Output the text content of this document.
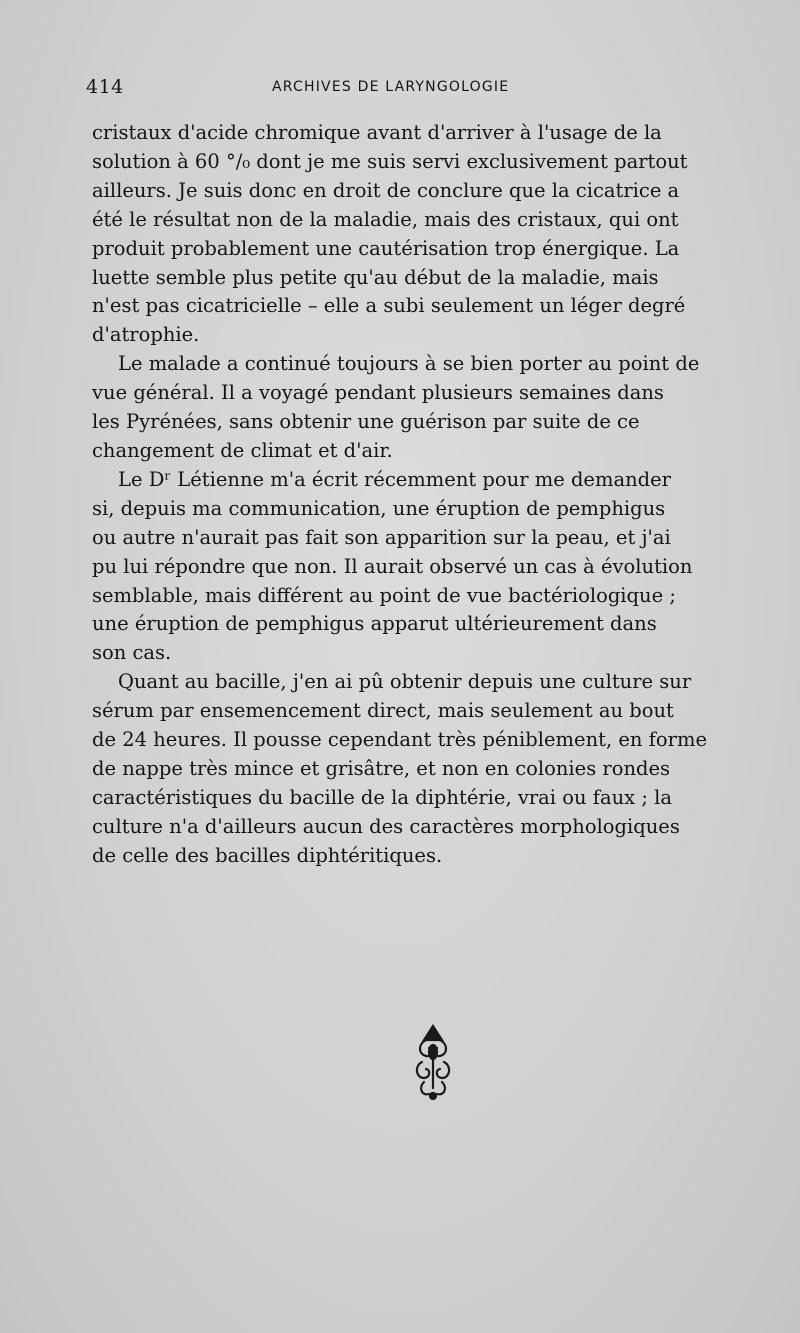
414	ARCHIVES DE LARYNGOLOGIE

cristaux d'acide chromique avant d'arriver à l'usage de la
solution à 60 °/₀ dont je me suis servi exclusivement partout
ailleurs. Je suis donc en droit de conclure que la cicatrice a
été le résultat non de la maladie, mais des cristaux, qui ont
produit probablement une cautérisation trop énergique. La
luette semble plus petite qu'au début de la maladie, mais
n'est pas cicatricielle – elle a subi seulement un léger degré
d'atrophie.

Le malade a continué toujours à se bien porter au point de
vue général. Il a voyagé pendant plusieurs semaines dans
les Pyrénées, sans obtenir une guérison par suite de ce
changement de climat et d'air.

Le Dʳ Létienne m'a écrit récemment pour me demander
si, depuis ma communication, une éruption de pemphigus
ou autre n'aurait pas fait son apparition sur la peau, et j'ai
pu lui répondre que non. Il aurait observé un cas à évolution
semblable, mais différent au point de vue bactériologique ;
une éruption de pemphigus apparut ultérieurement dans
son cas.

Quant au bacille, j'en ai pû obtenir depuis une culture sur
sérum par ensemencement direct, mais seulement au bout
de 24 heures. Il pousse cependant très péniblement, en forme
de nappe très mince et grisâtre, et non en colonies rondes
caractéristiques du bacille de la diphtérie, vrai ou faux ; la
culture n'a d'ailleurs aucun des caractères morphologiques
de celle des bacilles diphtéritiques.
